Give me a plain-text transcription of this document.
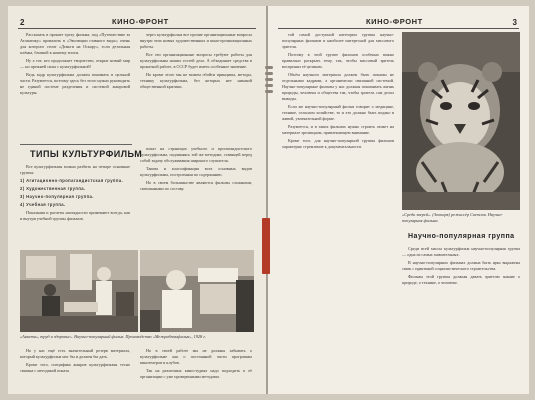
2	КИНО-ФРОНТ

Рассказать в прокате треху фильма, под «Путешествие за Атлантику» провалить в «Эволюции главного вида»; очень для которого стоит «Деньги на Оскару», если детальная плёнка, близкой к нашему эпохи.

Ну а тот, кто продолжает творчество, открыт новый мир — но прежней силы с культурфильмой!

Ведь кадр культурфильма должен понимать в цельной части. Разумеется, поэтому здесь без этого нужно руководить не единой системе разделения и системой жанровой культуры.

через культурфильм все прочие организационные вопросы внутри этих новых художественных и кино-организационных работы.

Все эти организационные вопросы требуют работы для культурфильмы наших гостей дела. А объединяет средства в прокатной работе, в СССР будет иметь особенное значение.

Но кроме этого мы не можем обойти принципы, методы, технику культурфильма, без которых нет никакой общественной критики.

ТИПЫ КУЛЬТУРФИЛЬМ

Все культурфильмы можно разбить на четыре основные группы:

1) Агитационно-пропагандистская группа.

2) Художественная группа.

3) Научно-популярная группа.

4) Учебная группа.

Показания и расчеты наглядности применяют всегда, как и внутри учебной группы фильмов.

показ на страницах учебного и пропагандистского культурфильма, подчиняясь той же методике, ставящей перед собой задачу обслуживания широкого слушателя.

Такова и классификация всех основных видов культурфильмы, построенная по содержанию.

Но в своем большинстве являются фильмы сложными, смешанными по составу.

«Анкета», труд и здоровье». Научно-популярный фильм. Производство «Межрабпомфильм», 1928 г.

Но у нас ещё есть значительный резерв материала, который культурфильм мог бы и должен бы дать.

Кроме того, специфика жанров культурфильмы тесно связана с методикой показа.

Но в своей работе мы не должны забывать о культурфильме как о постоянной части программы кинотеатров и клубов.

Так на различных киностудиях надо подходить к её организации с уже проверенными методами.

КИНО-ФРОНТ	3

той самой доступной категории группы научно-популярных фильмов и наиболее интересной для массового зрителя.

Поэтому в этой группе фильмов особенно важно правильно раскрыть тему, так, чтобы массовый зритель воспринял её целиком.

Объём научного материала должен быть показан не отдельными кадрами, а органически связанной системой. Научно-популярные фильмы у нас должны показывать жизнь природы, человека и общества так, чтобы зритель сам делал выводы.

Если же научно-популярный фильм говорит о медицине, технике, сельском хозяйстве, то и это должно быть подано в живой, увлекательной форме.

Разумеется, и в таких фильмах нужно строить сюжет на материале зрелищном, привлекающем внимание.

Кроме того, для научно-популярной группы фильмов характерно стремление к документальности.

«Среди зверей». (Зоопарк) режиссёр Светлов. Научно-популярная фильма.
Научно-популярная группа

Среди всей массы культурфильм научно-популярная группа — одна из самых значительных.

В научно-популярных фильмах должна быть ярко выражена связь с практикой социалистического строительства.

Фильмы этой группы должны давать зрителю знание о природе, о технике, о человеке.
